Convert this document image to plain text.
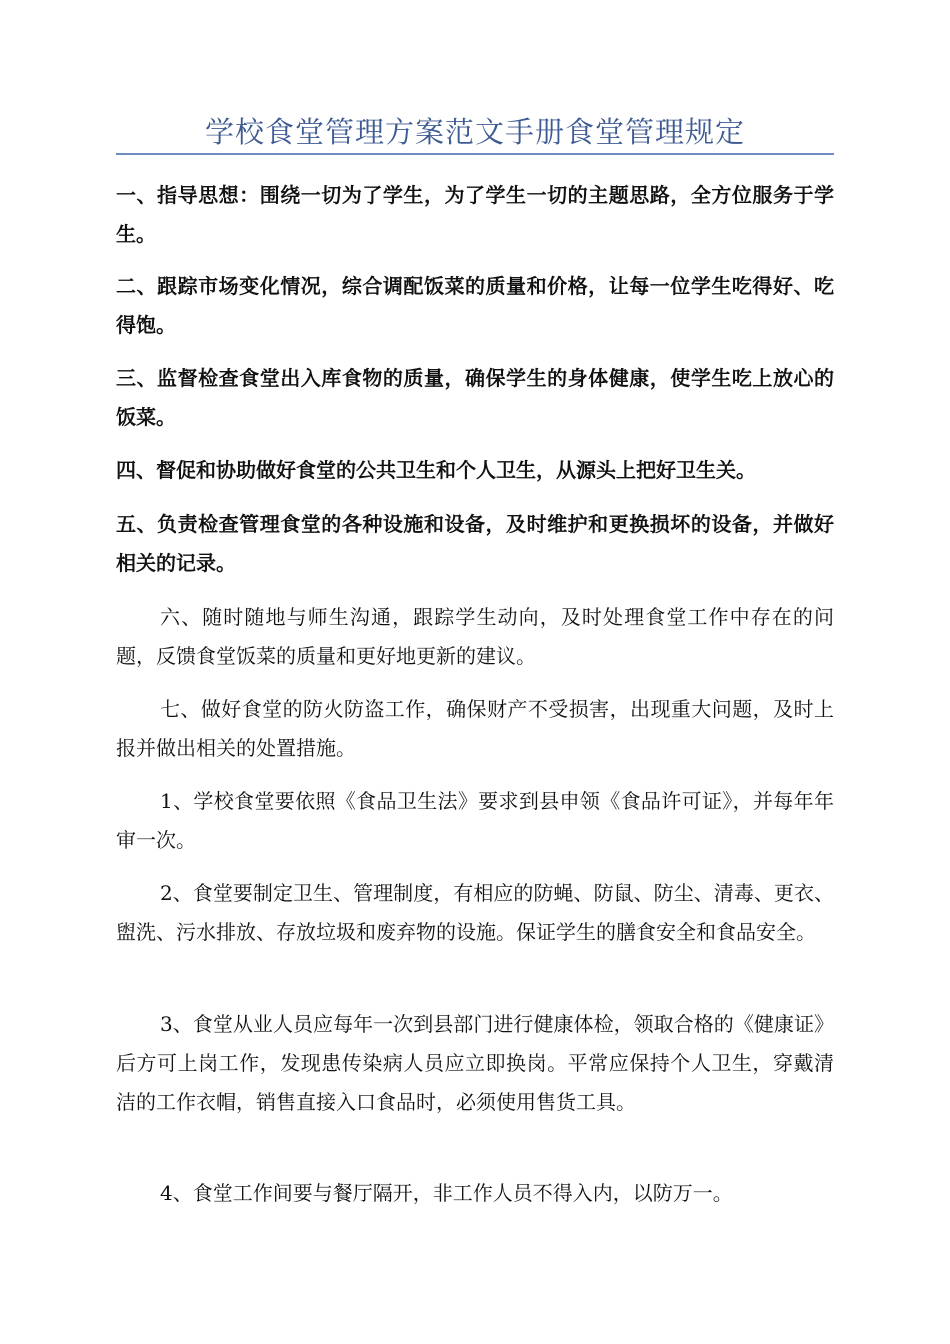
学校食堂管理方案范文手册食堂管理规定

一、指导思想：围绕一切为了学生，为了学生一切的主题思路，全方位服务于学生。

二、跟踪市场变化情况，综合调配饭菜的质量和价格，让每一位学生吃得好、吃得饱。

三、监督检查食堂出入库食物的质量，确保学生的身体健康，使学生吃上放心的饭菜。

四、督促和协助做好食堂的公共卫生和个人卫生，从源头上把好卫生关。

五、负责检查管理食堂的各种设施和设备，及时维护和更换损坏的设备，并做好相关的记录。

六、随时随地与师生沟通，跟踪学生动向，及时处理食堂工作中存在的问题，反馈食堂饭菜的质量和更好地更新的建议。

七、做好食堂的防火防盗工作，确保财产不受损害，出现重大问题，及时上报并做出相关的处置措施。

1、学校食堂要依照《食品卫生法》要求到县申领《食品许可证》，并每年年审一次。

2、食堂要制定卫生、管理制度，有相应的防蝇、防鼠、防尘、清毒、更衣、盥洗、污水排放、存放垃圾和废弃物的设施。保证学生的膳食安全和食品安全。

3、食堂从业人员应每年一次到县部门进行健康体检，领取合格的《健康证》后方可上岗工作，发现患传染病人员应立即换岗。平常应保持个人卫生，穿戴清洁的工作衣帽，销售直接入口食品时，必须使用售货工具。

4、食堂工作间要与餐厅隔开，非工作人员不得入内，以防万一。
